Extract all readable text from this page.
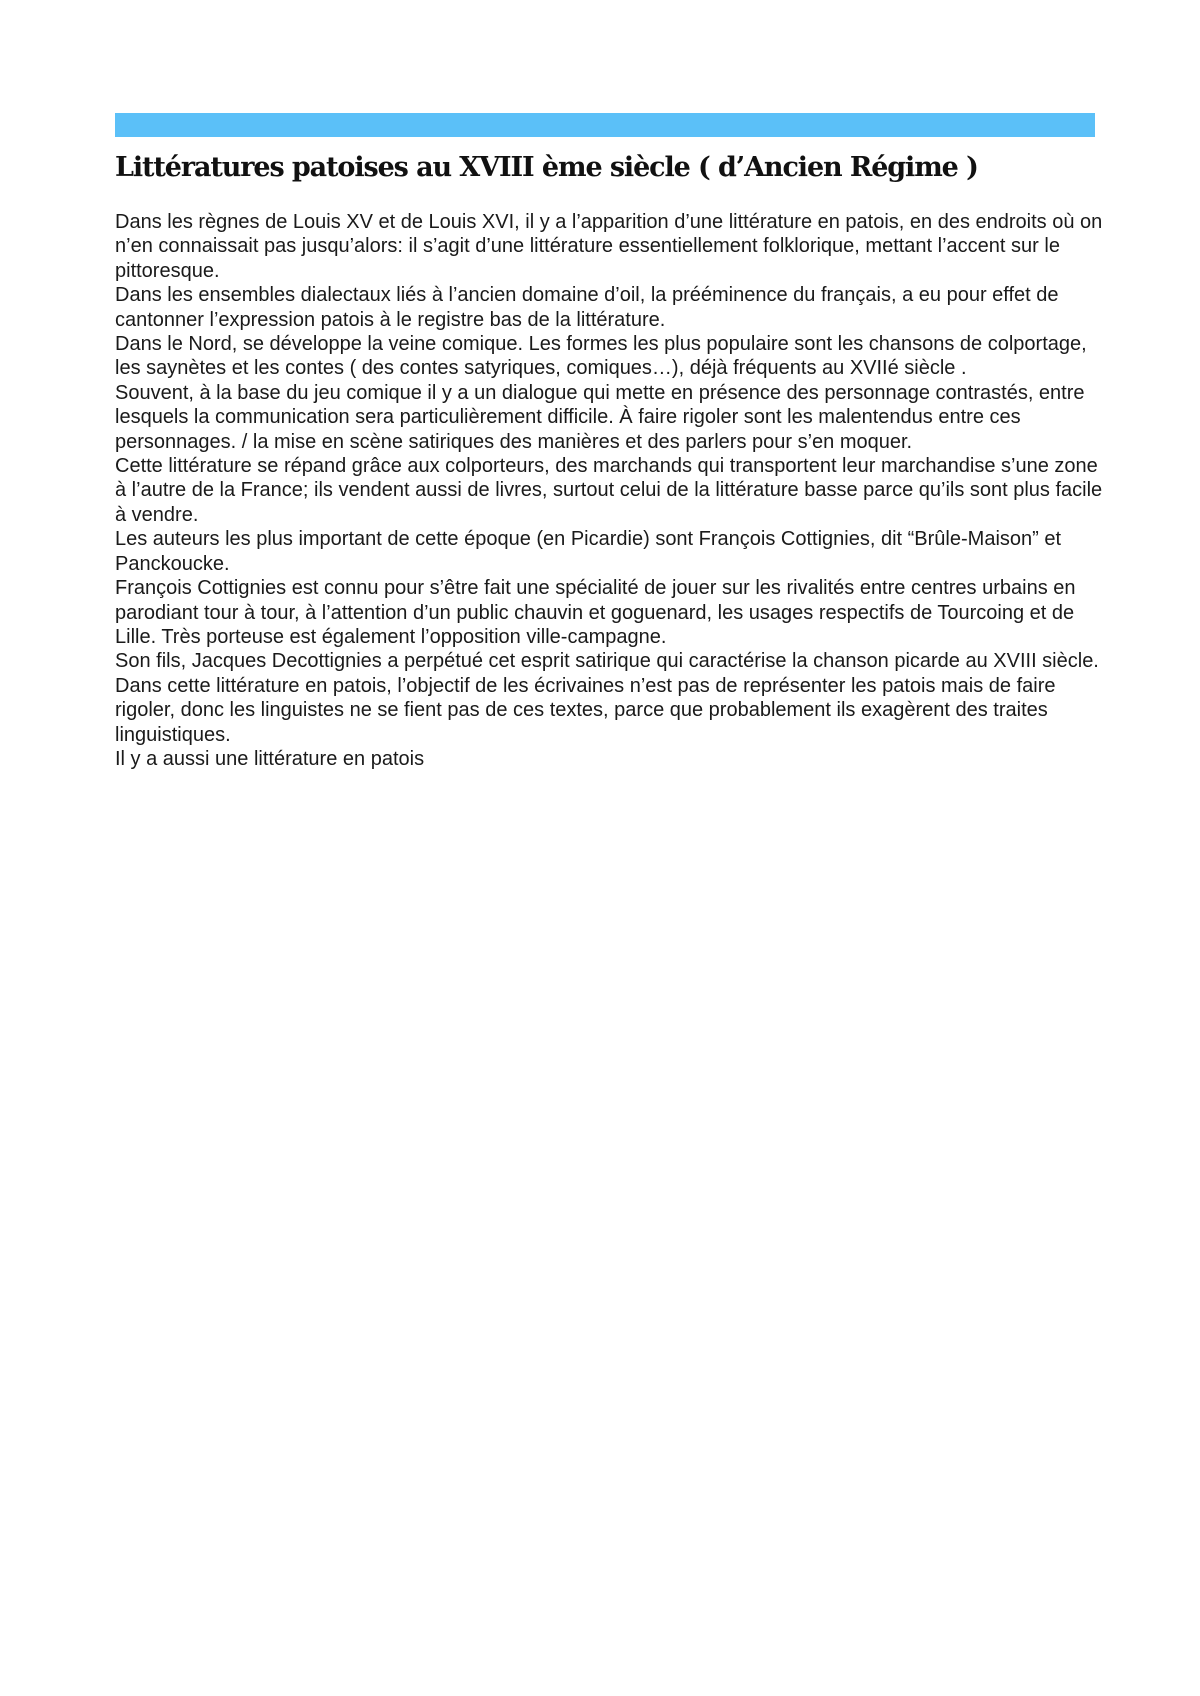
Littératures patoises au XVIII ème siècle ( d’Ancien Régime )

Dans les règnes de Louis XV et de Louis XVI, il y a l’apparition d’une littérature en patois, en des endroits où on n’en connaissait pas jusqu’alors: il s’agit d’une littérature essentiellement folklorique, mettant l’accent sur le pittoresque.

Dans les ensembles dialectaux liés à l’ancien domaine d’oil, la prééminence du français, a eu pour effet de cantonner l’expression patois à le registre bas de la littérature.

Dans le Nord, se développe la veine comique. Les formes les plus populaire sont les chansons de colportage, les saynètes et les contes ( des contes satyriques, comiques…), déjà fréquents au XVIIé siècle .

Souvent, à la base du jeu comique il y a un dialogue qui mette en présence des personnage contrastés, entre lesquels la communication sera particulièrement difficile. À faire rigoler sont les malentendus entre ces personnages. / la mise en scène satiriques des manières et des parlers pour s’en moquer.

Cette littérature se répand grâce aux colporteurs, des marchands qui transportent leur marchandise s’une zone à l’autre de la France; ils vendent aussi de livres, surtout celui de la littérature basse parce qu’ils sont plus facile à vendre.

Les auteurs les plus important de cette époque (en Picardie) sont François Cottignies, dit “Brûle-Maison” et Panckoucke.

François Cottignies est connu pour s’être fait une spécialité de jouer sur les rivalités entre centres urbains en parodiant tour à tour, à l’attention d’un public chauvin et goguenard, les usages respectifs de Tourcoing et de Lille. Très porteuse est également l’opposition ville-campagne.

Son fils, Jacques Decottignies a perpétué cet esprit satirique qui caractérise la chanson picarde au XVIII siècle.

Dans cette littérature en patois, l’objectif de les écrivaines n’est pas de représenter les patois mais de faire rigoler, donc les linguistes ne se fient pas de ces textes, parce que probablement ils exagèrent des traites linguistiques.

Il y a aussi une littérature en patois
